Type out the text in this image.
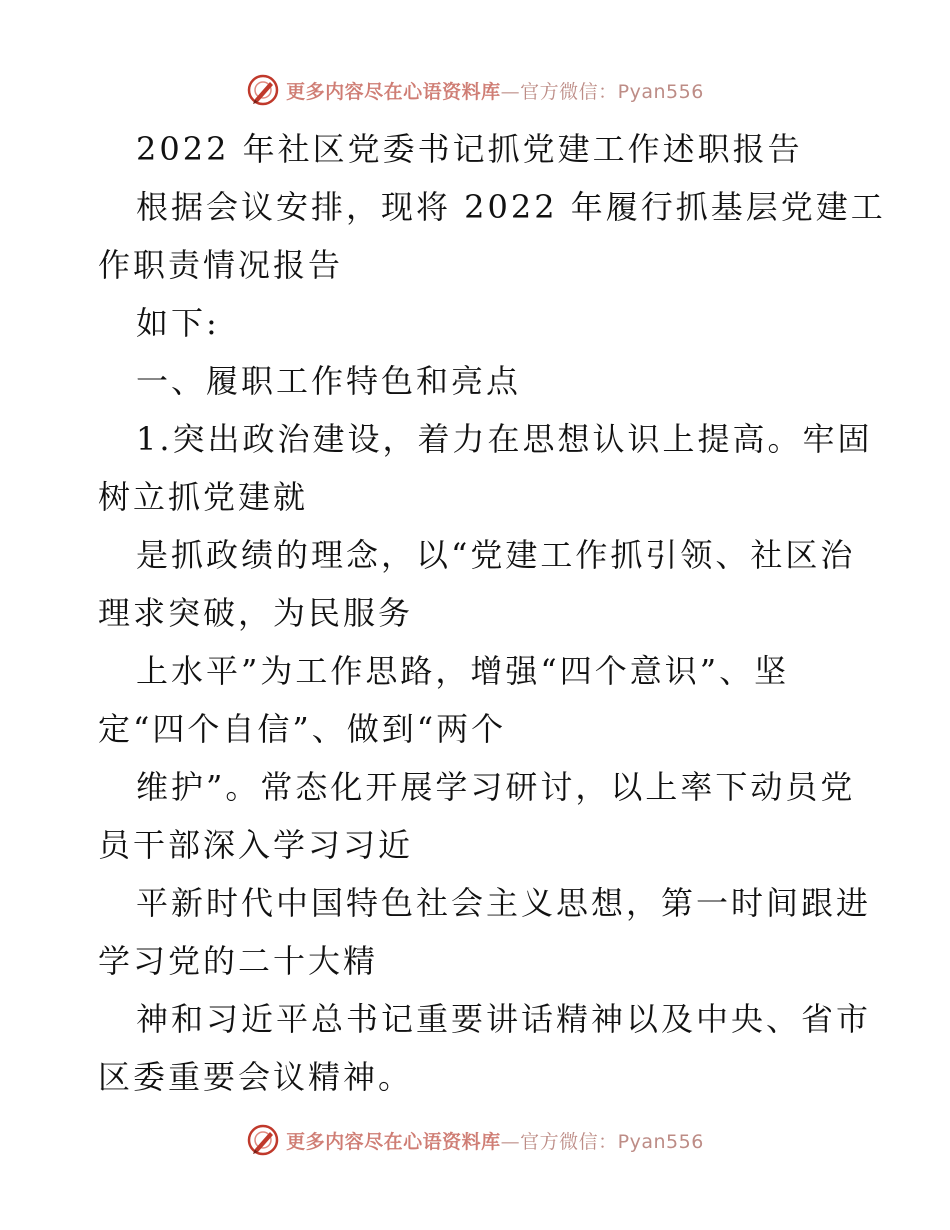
更多内容尽在心语资料库—官方微信：Pyan556
2022 年社区党委书记抓党建工作述职报告
根据会议安排，现将 2022 年履行抓基层党建工
作职责情况报告
如下:
一、履职工作特色和亮点
1.突出政治建设，着力在思想认识上提高。牢固
树立抓党建就
是抓政绩的理念，以“党建工作抓引领、社区治
理求突破，为民服务
上水平”为工作思路，增强“四个意识”、坚
定“四个自信”、做到“两个
维护”。常态化开展学习研讨，以上率下动员党
员干部深入学习习近
平新时代中国特色社会主义思想，第一时间跟进
学习党的二十大精
神和习近平总书记重要讲话精神以及中央、省市
区委重要会议精神。
更多内容尽在心语资料库—官方微信：Pyan556
